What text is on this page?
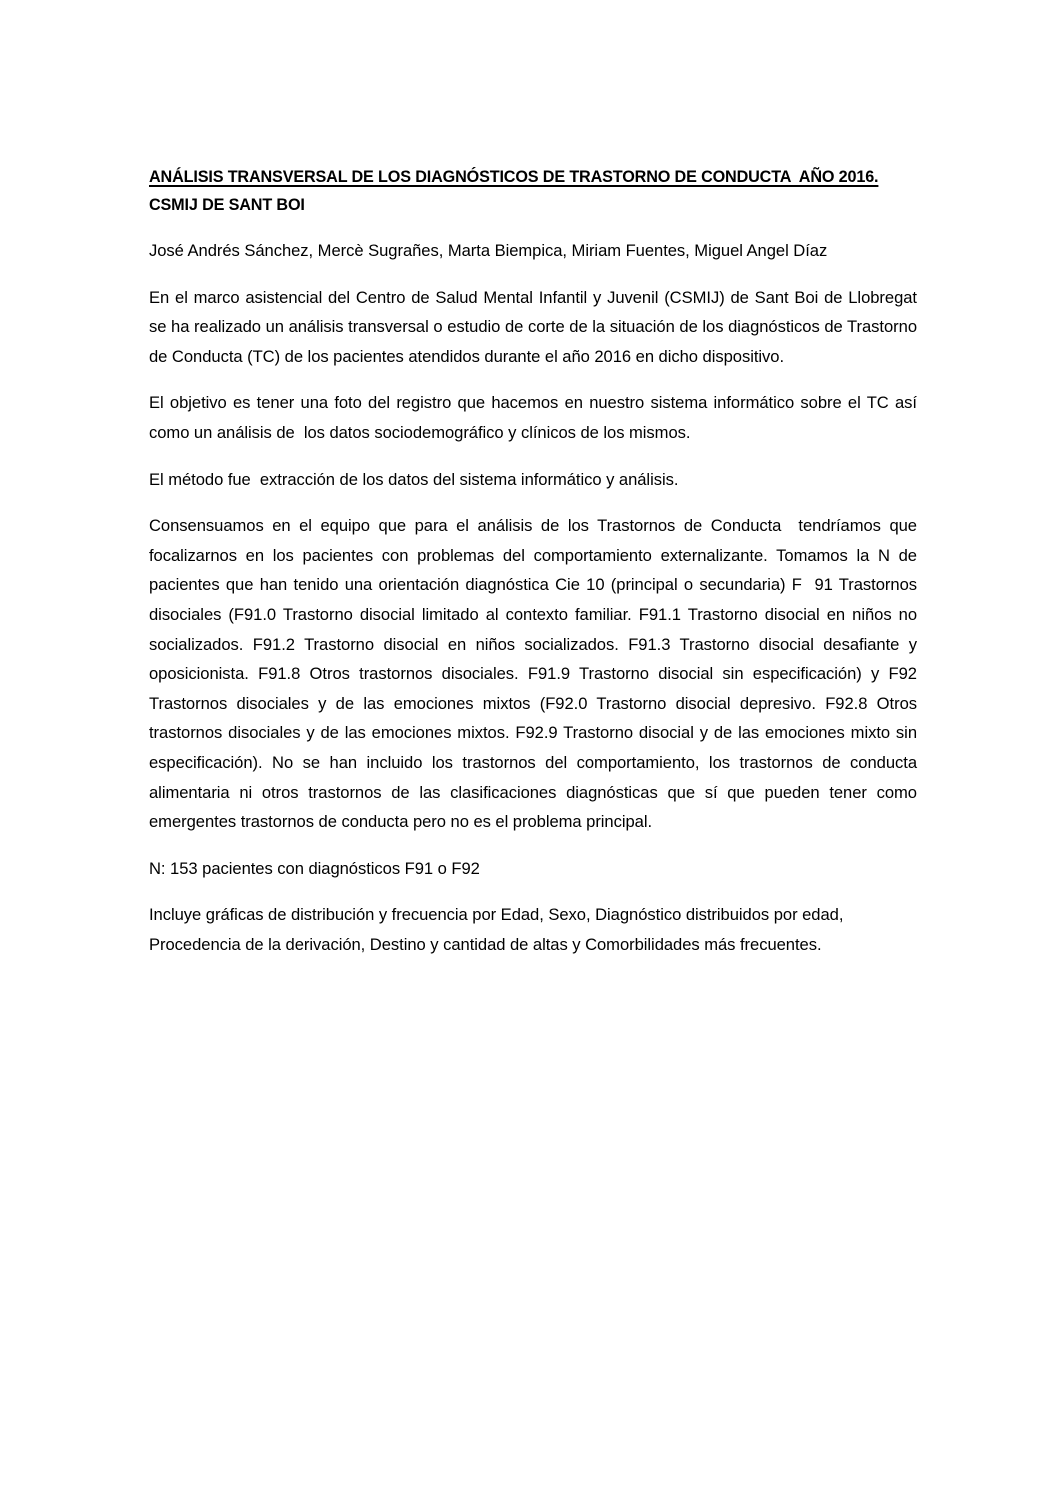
ANÁLISIS TRANSVERSAL DE LOS DIAGNÓSTICOS DE TRASTORNO DE CONDUCTA  AÑO 2016.
CSMIJ DE SANT BOI

José Andrés Sánchez, Mercè Sugrañes, Marta Biempica, Miriam Fuentes, Miguel Angel Díaz

En el marco asistencial del Centro de Salud Mental Infantil y Juvenil (CSMIJ) de Sant Boi de Llobregat se ha realizado un análisis transversal o estudio de corte de la situación de los diagnósticos de Trastorno de Conducta (TC) de los pacientes atendidos durante el año 2016 en dicho dispositivo.

El objetivo es tener una foto del registro que hacemos en nuestro sistema informático sobre el TC así como un análisis de  los datos sociodemográfico y clínicos de los mismos.

El método fue  extracción de los datos del sistema informático y análisis.

Consensuamos en el equipo que para el análisis de los Trastornos de Conducta  tendríamos que focalizarnos en los pacientes con problemas del comportamiento externalizante. Tomamos la N de  pacientes que han tenido una orientación diagnóstica Cie 10 (principal o secundaria) F  91 Trastornos disociales (F91.0 Trastorno disocial limitado al contexto familiar. F91.1 Trastorno disocial en niños no socializados. F91.2 Trastorno disocial en niños socializados. F91.3 Trastorno disocial desafiante y oposicionista. F91.8 Otros trastornos disociales. F91.9 Trastorno disocial sin especificación) y F92 Trastornos disociales y de las emociones mixtos (F92.0 Trastorno disocial depresivo. F92.8 Otros trastornos disociales y de las emociones mixtos. F92.9 Trastorno disocial y de las emociones mixto sin especificación). No se han incluido los trastornos del comportamiento, los trastornos de conducta alimentaria ni otros trastornos de las clasificaciones diagnósticas que sí que pueden tener como emergentes trastornos de conducta pero no es el problema principal.

N: 153 pacientes con diagnósticos F91 o F92

Incluye gráficas de distribución y frecuencia por Edad, Sexo, Diagnóstico distribuidos por edad, Procedencia de la derivación, Destino y cantidad de altas y Comorbilidades más frecuentes.
